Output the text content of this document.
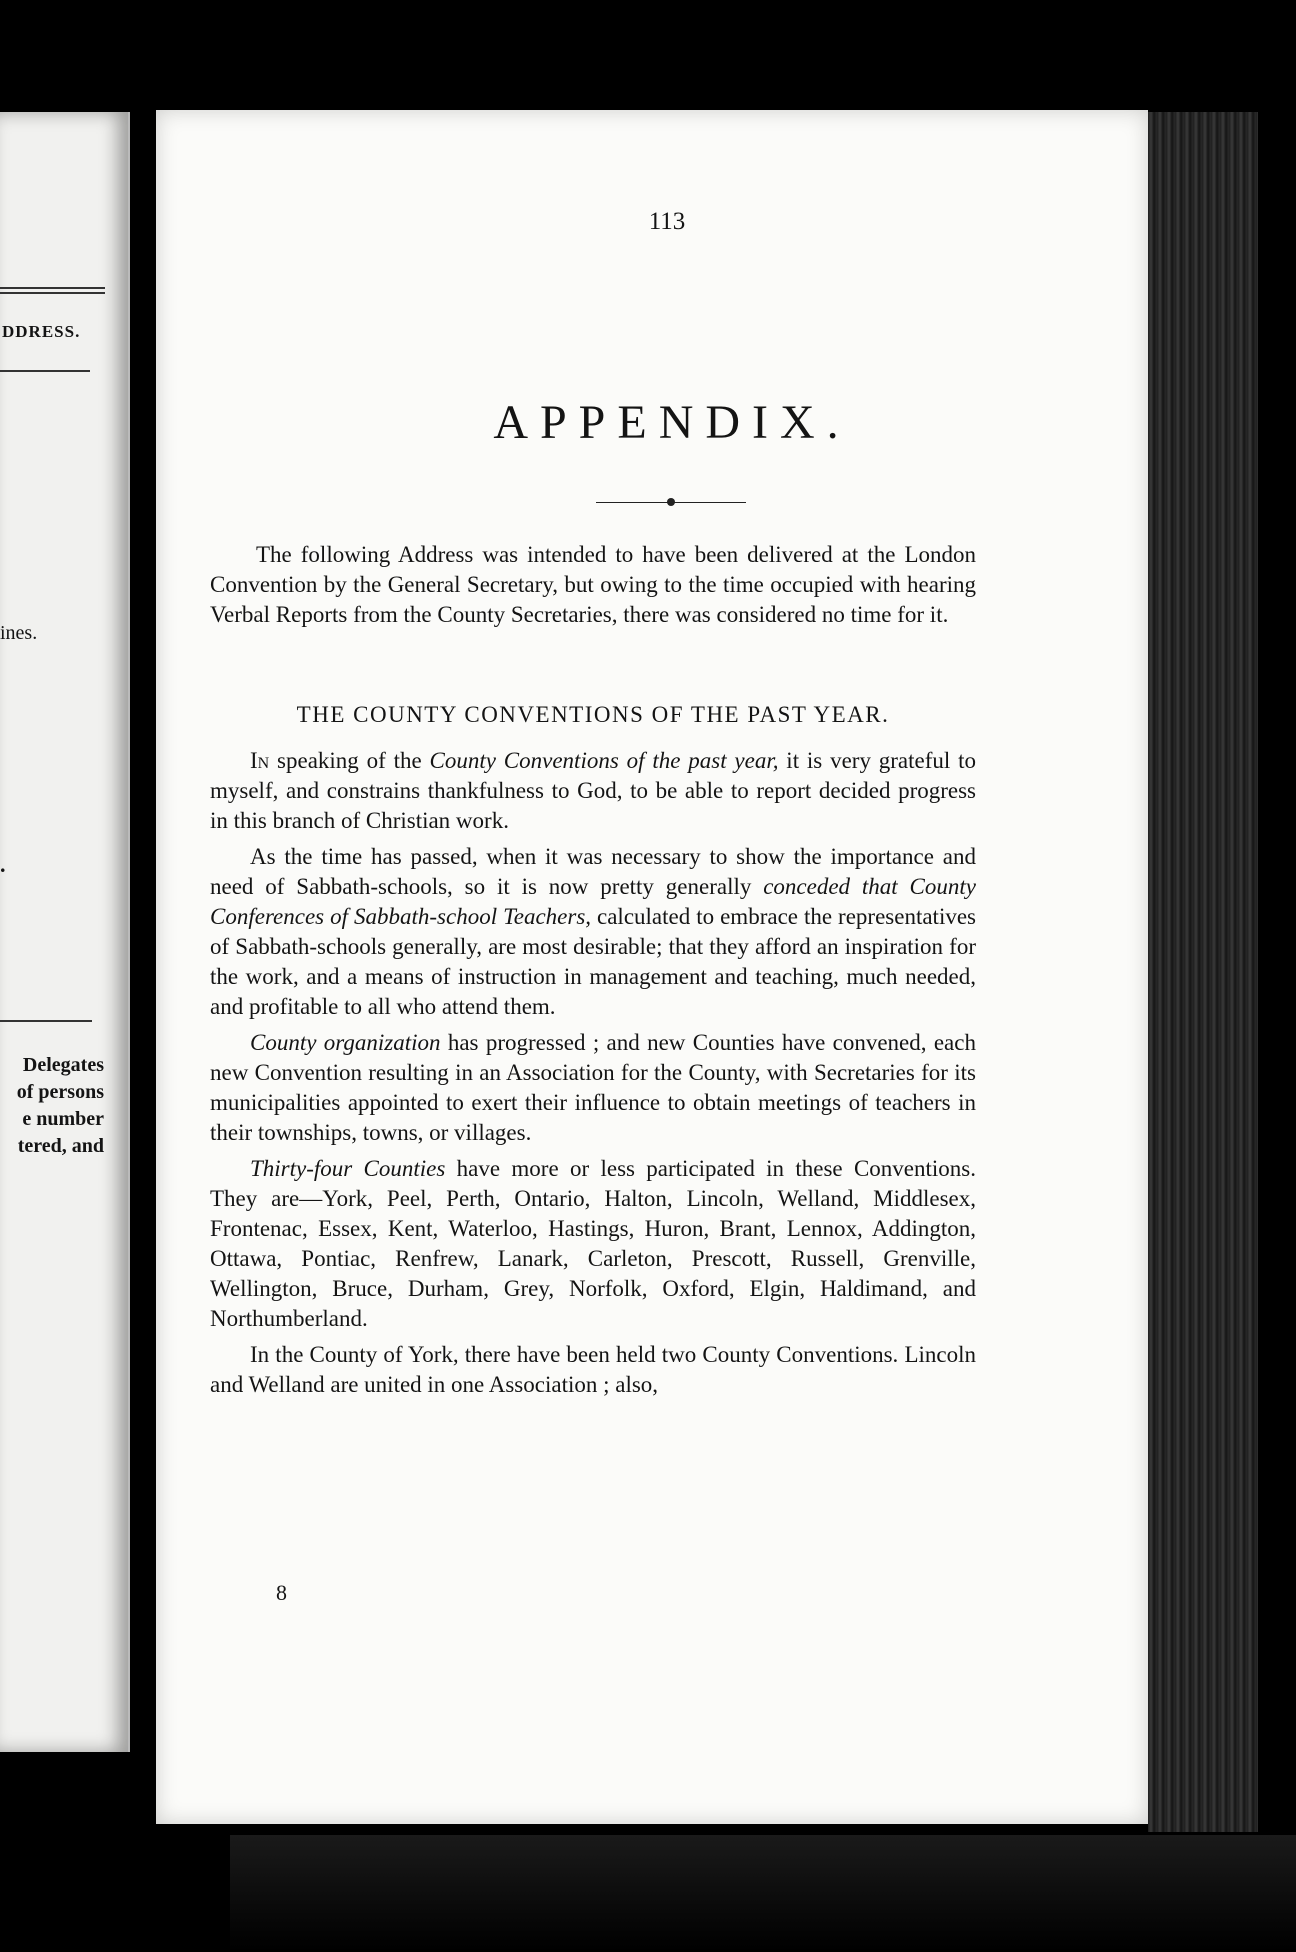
DDRESS.
ines.
.
Delegates
of persons
e number
tered, and
113
APPENDIX.

The following Address was intended to have been delivered at the London Convention by the General Secretary, but owing to the time occupied with hearing Verbal Reports from the County Secretaries, there was considered no time for it.

THE COUNTY CONVENTIONS OF THE PAST YEAR.

In speaking of the County Conventions of the past year, it is very grateful to myself, and constrains thankfulness to God, to be able to report decided progress in this branch of Christian work.

As the time has passed, when it was necessary to show the importance and need of Sabbath-schools, so it is now pretty generally conceded that County Conferences of Sabbath-school Teachers, calculated to embrace the representatives of Sabbath-schools generally, are most desirable; that they afford an inspiration for the work, and a means of instruction in management and teaching, much needed, and profitable to all who attend them.

County organization has progressed ; and new Counties have convened, each new Convention resulting in an Association for the County, with Secretaries for its municipalities appointed to exert their influence to obtain meetings of teachers in their townships, towns, or villages.

Thirty-four Counties have more or less participated in these Conventions. They are—York, Peel, Perth, Ontario, Halton, Lincoln, Welland, Middlesex, Frontenac, Essex, Kent, Waterloo, Hastings, Huron, Brant, Lennox, Addington, Ottawa, Pontiac, Renfrew, Lanark, Carleton, Prescott, Russell, Grenville, Wellington, Bruce, Durham, Grey, Norfolk, Oxford, Elgin, Haldimand, and Northumberland.

In the County of York, there have been held two County Conventions. Lincoln and Welland are united in one Association ; also,

8
